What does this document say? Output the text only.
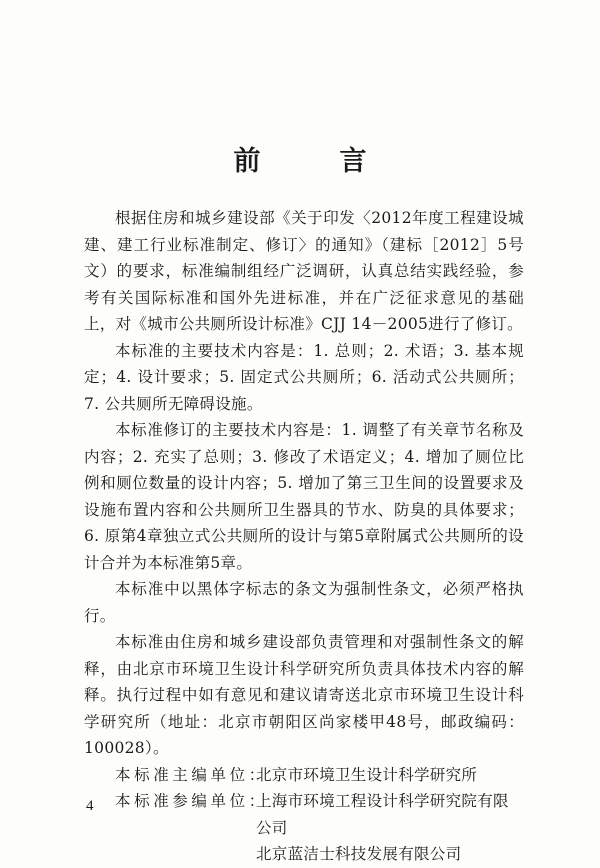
前　言

根据住房和城乡建设部《关于印发〈2012年度工程建设城建、建工行业标准制定、修订〉的通知》（建标［2012］5号文）的要求，标准编制组经广泛调研，认真总结实践经验，参考有关国际标准和国外先进标准，并在广泛征求意见的基础上，对《城市公共厕所设计标准》CJJ 14－2005进行了修订。

本标准的主要技术内容是：1. 总则；2. 术语；3. 基本规定；4. 设计要求；5. 固定式公共厕所；6. 活动式公共厕所；7. 公共厕所无障碍设施。

本标准修订的主要技术内容是：1. 调整了有关章节名称及内容；2. 充实了总则；3. 修改了术语定义；4. 增加了厕位比例和厕位数量的设计内容；5. 增加了第三卫生间的设置要求及设施布置内容和公共厕所卫生器具的节水、防臭的具体要求；6. 原第4章独立式公共厕所的设计与第5章附属式公共厕所的设计合并为本标准第5章。

本标准中以黑体字标志的条文为强制性条文，必须严格执行。

本标准由住房和城乡建设部负责管理和对强制性条文的解释，由北京市环境卫生设计科学研究所负责具体技术内容的解释。执行过程中如有意见和建议请寄送北京市环境卫生设计科学研究所（地址：北京市朝阳区尚家楼甲48号，邮政编码：100028）。

本标准主编单位：
北京市环境卫生设计科学研究所
本标准参编单位：
上海市环境工程设计科学研究院有限
公司
北京蓝洁士科技发展有限公司
4
